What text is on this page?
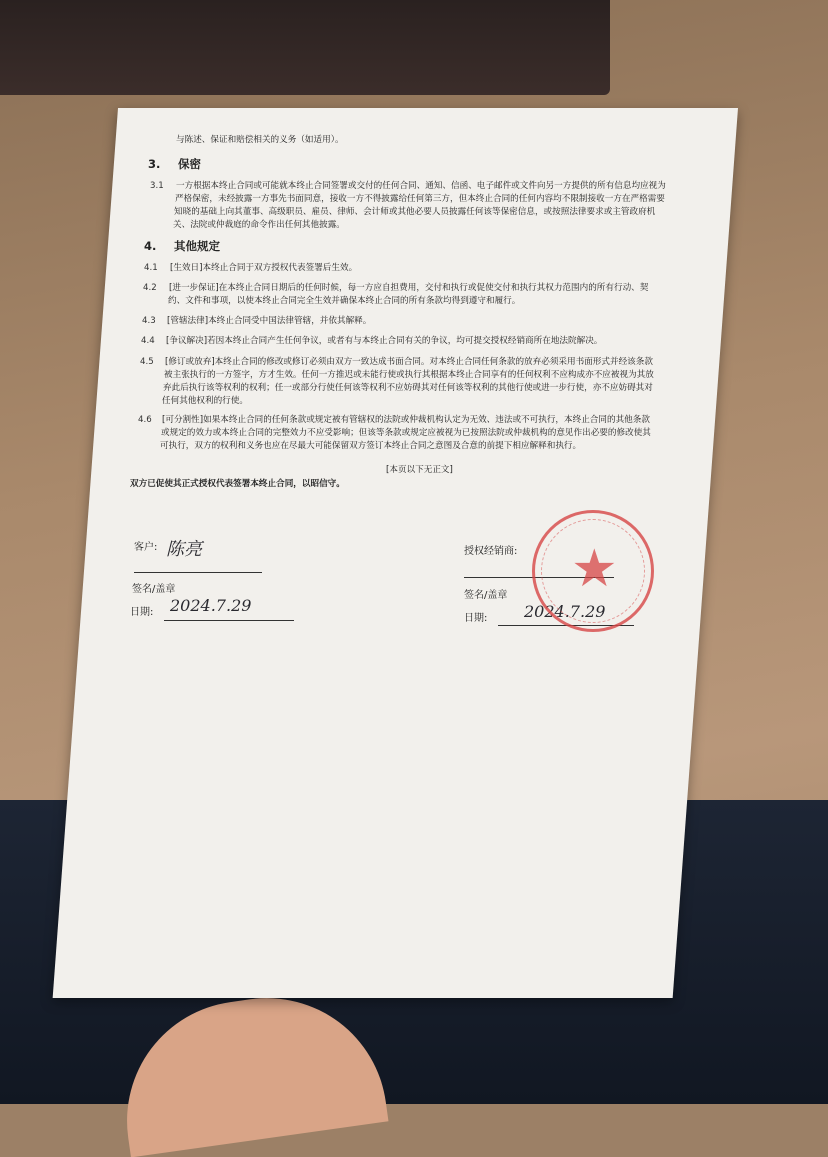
与陈述、保证和赔偿相关的义务（如适用）。
3. 保密
3.1 一方根据本终止合同或可能就本终止合同签署或交付的任何合同、通知、信函、电子邮件或文件向另一方提供的所有信息均应视为
严格保密，未经披露一方事先书面同意，接收一方不得披露给任何第三方，但本终止合同的任何内容均不限制接收一方在严格需要
知晓的基础上向其董事、高级职员、雇员、律师、会计师或其他必要人员披露任何该等保密信息，或按照法律要求或主管政府机
关、法院或仲裁庭的命令作出任何其他披露。
4. 其他规定
4.1 [生效日]本终止合同于双方授权代表签署后生效。
4.2 [进一步保证]在本终止合同日期后的任何时候，每一方应自担费用，交付和执行或促使交付和执行其权力范围内的所有行动、契
约、文件和事项，以使本终止合同完全生效并确保本终止合同的所有条款均得到遵守和履行。
4.3 [管辖法律]本终止合同受中国法律管辖，并依其解释。
4.4 [争议解决]若因本终止合同产生任何争议，或者有与本终止合同有关的争议，均可提交授权经销商所在地法院解决。
4.5 [修订或放弃]本终止合同的修改或修订必须由双方一致达成书面合同。对本终止合同任何条款的放弃必须采用书面形式并经该条款
被主张执行的一方签字，方才生效。任何一方推迟或未能行使或执行其根据本终止合同享有的任何权利不应构成亦不应被视为其放
弃此后执行该等权利的权利；任一或部分行使任何该等权利不应妨碍其对任何该等权利的其他行使或进一步行使，亦不应妨碍其对
任何其他权利的行使。
4.6 [可分割性]如果本终止合同的任何条款或规定被有管辖权的法院或仲裁机构认定为无效、违法或不可执行，本终止合同的其他条款
或规定的效力或本终止合同的完整效力不应受影响；但该等条款或规定应被视为已按照法院或仲裁机构的意见作出必要的修改使其
可执行，双方的权利和义务也应在尽最大可能保留双方签订本终止合同之意图及合意的前提下相应解释和执行。
[本页以下无正文]
双方已促使其正式授权代表签署本终止合同，以昭信守。
客户: 陈亮
签名/盖章
日期: 2024.7.29
授权经销商:
签名/盖章
日期: 2024.7.29
★
